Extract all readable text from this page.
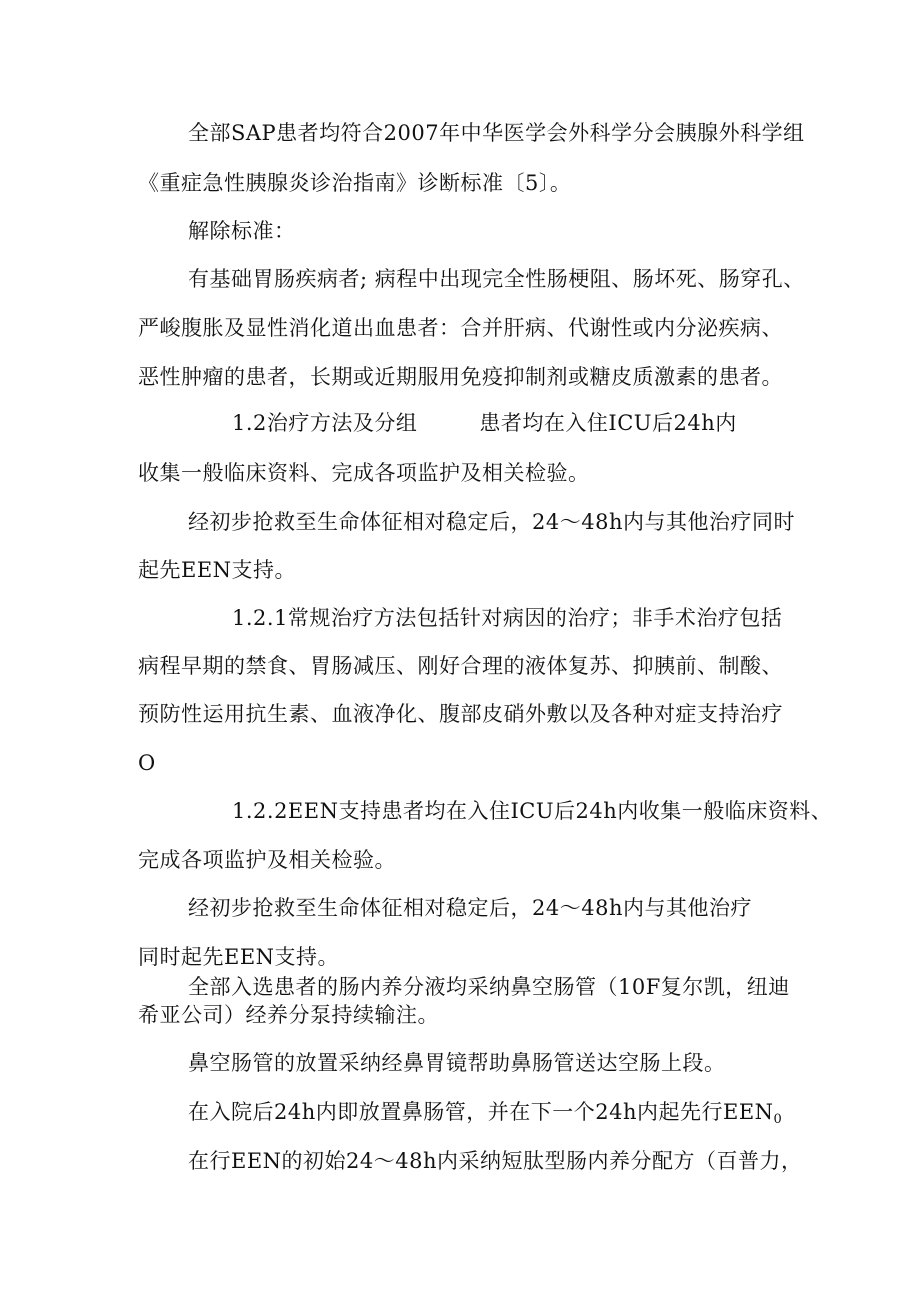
全部SAP患者均符合2007年中华医学会外科学分会胰腺外科学组
《重症急性胰腺炎诊治指南》诊断标准〔5〕。
解除标准：
有基础胃肠疾病者; 病程中出现完全性肠梗阻、肠坏死、肠穿孔、
严峻腹胀及显性消化道出血患者：合并肝病、代谢性或内分泌疾病、
恶性肿瘤的患者，长期或近期服用免疫抑制剂或糖皮质激素的患者。
1.2治疗方法及分组	患者均在入住ICU后24h内
收集一般临床资料、完成各项监护及相关检验。
经初步抢救至生命体征相对稳定后，24～48h内与其他治疗同时
起先EEN支持。
1.2.1常规治疗方法包括针对病因的治疗；非手术治疗包括
病程早期的禁食、胃肠减压、刚好合理的液体复苏、抑胰前、制酸、
预防性运用抗生素、血液净化、腹部皮硝外敷以及各种对症支持治疗
O
1.2.2EEN支持患者均在入住ICU后24h内收集一般临床资料、
完成各项监护及相关检验。
经初步抢救至生命体征相对稳定后，24～48h内与其他治疗
同时起先EEN支持。
全部入选患者的肠内养分液均采纳鼻空肠管（10F复尔凯，纽迪
希亚公司）经养分泵持续输注。
鼻空肠管的放置采纳经鼻胃镜帮助鼻肠管送达空肠上段。
在入院后24h内即放置鼻肠管，并在下一个24h内起先行EEN0
在行EEN的初始24～48h内采纳短肽型肠内养分配方（百普力，
